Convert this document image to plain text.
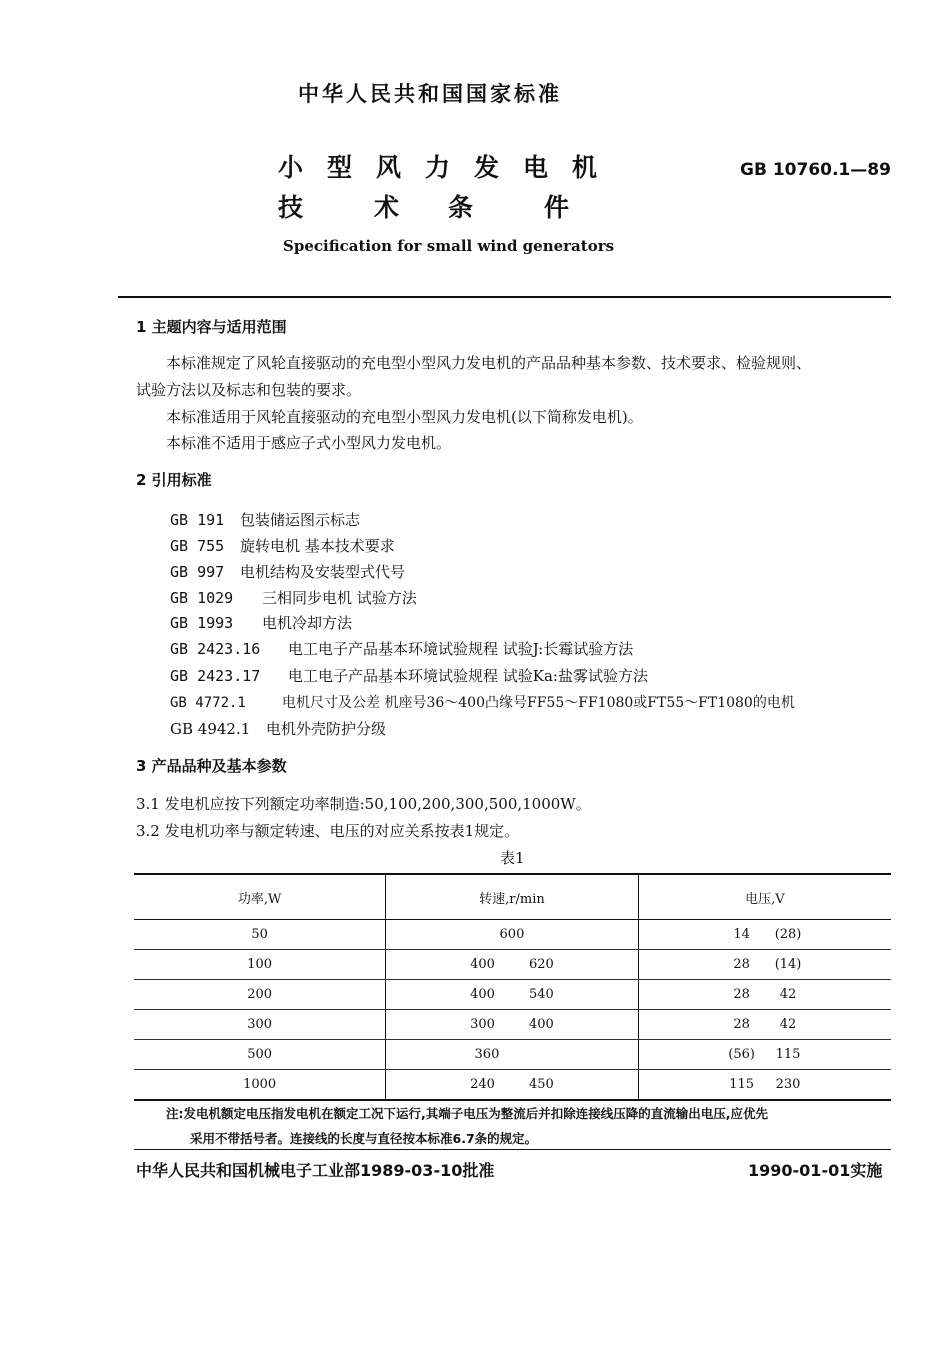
中华人民共和国国家标准
小 型 风 力 发 电 机
技	术 条	件
GB 10760.1—89
Specification for small wind generators
1 主题内容与适用范围
本标准规定了风轮直接驱动的充电型小型风力发电机的产品品种基本参数、技术要求、检验规则、
试验方法以及标志和包装的要求。
本标准适用于风轮直接驱动的充电型小型风力发电机(以下简称发电机)。
本标准不适用于感应子式小型风力发电机。
2 引用标准
GB 191 包装储运图示标志
GB 755 旋转电机 基本技术要求
GB 997 电机结构及安装型式代号
GB 1029 三相同步电机 试验方法
GB 1993 电机冷却方法
GB 2423.16 电工电子产品基本环境试验规程 试验J:长霉试验方法
GB 2423.17 电工电子产品基本环境试验规程 试验Ka:盐雾试验方法
GB 4772.1	电机尺寸及公差 机座号36～400凸缘号FF55～FF1080或FT55～FT1080的电机
GB 4942.1 电机外壳防护分级
3 产品品种及基本参数
3.1 发电机应按下列额定功率制造:50,100,200,300,500,1000W。
3.2 发电机功率与额定转速、电压的对应关系按表1规定。
表1
功率,W	转速,r/min	电压,V
50	600	14 (28)
100	400 620	28 (14)
200	400 540	28 42
300	300 400	28 42
500	360	(56) 115
1000	240 450	115 230
注:发电机额定电压指发电机在额定工况下运行,其端子电压为整流后并扣除连接线压降的直流输出电压,应优先
采用不带括号者。连接线的长度与直径按本标准6.7条的规定。
中华人民共和国机械电子工业部1989-03-10批准	1990-01-01实施
